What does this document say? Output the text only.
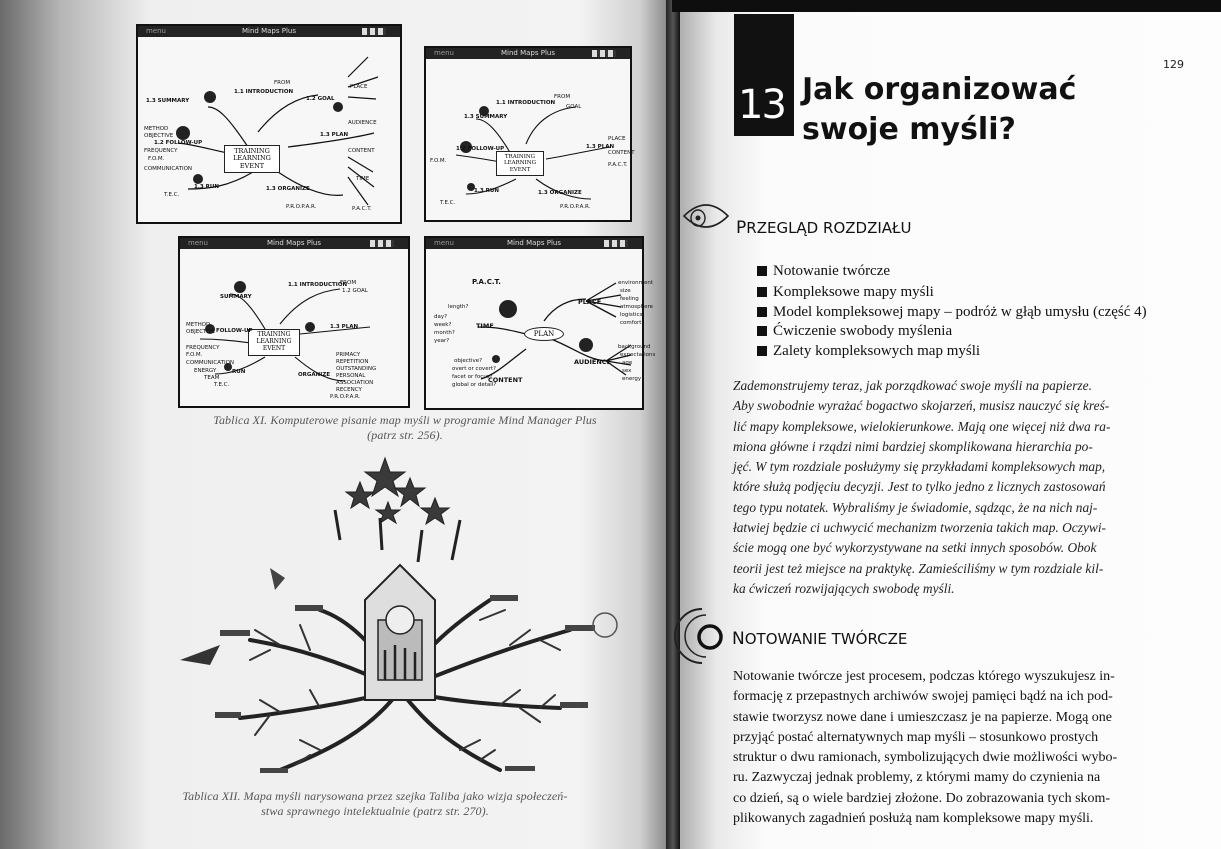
menu	Mind Maps Plus
TRAINING
LEARNING
EVENT
1.1 INTRODUCTION
1.2 GOAL
1.3 PLAN
1.3 SUMMARY
1.2 FOLLOW-UP
1.3 RUN	1.3 ORGANIZE
FROM
PLACE
AUDIENCE
CONTENT
TIME
METHOD
OBJECTIVE
FREQUENCY
COMMUNICATION
P.R.O.P.A.R.
T.E.C.
F.O.M.
P.A.C.T.
menu	Mind Maps Plus
TRAINING
LEARNING
EVENT
1.1 INTRODUCTION
FROM
GOAL
1.3 SUMMARY
1.2 FOLLOW-UP
1.3 RUN	1.3 ORGANIZE
1.3 PLAN
PLACE
CONTENT
P.A.C.T.
F.O.M.
T.E.C.
P.R.O.P.A.R.
menu	Mind Maps Plus
TRAINING
LEARNING
EVENT
1.1 INTRODUCTION
FROM
1.2 GOAL
SUMMARY
FOLLOW-UP
1.3 PLAN
RUN	ORGANIZE
PRIMACY
REPETITION
OUTSTANDING
PERSONAL
ASSOCIATION
RECENCY
P.R.O.P.A.R.
T.E.C.
F.O.M.
METHOD
OBJECTIVE
FREQUENCY
COMMUNICATION
ENERGY
TEAM
menu	Mind Maps Plus
PLAN
P.A.C.T.
length?
day?
week?
month?
year?
TIME
PLACE
environment
size
feeling
atmosphere
logistics
comfort
AUDIENCE
background
expectations
age
sex
energy
objective?
overt or covert?
facet or focus?
global or detail?
CONTENT
Tablica XI. Komputerowe pisanie map myśli w programie Mind Manager Plus
(patrz str. 256).
Tablica XII. Mapa myśli narysowana przez szejka Taliba jako wizja społeczeń-
stwa sprawnego intelektualnie (patrz str. 270).
129
13 Jak organizować
swoje myśli?
PRZEGLĄD ROZDZIAŁU
Notowanie twórcze
Kompleksowe mapy myśli
Model kompleksowej mapy – podróż w głąb umysłu (część 4)
Ćwiczenie swobody myślenia
Zalety kompleksowych map myśli

Zademonstrujemy teraz, jak porządkować swoje myśli na papierze.

Aby swobodnie wyrażać bogactwo skojarzeń, musisz nauczyć się kreś-

lić mapy kompleksowe, wielokierunkowe. Mają one więcej niż dwa ra-

miona główne i rządzi nimi bardziej skomplikowana hierarchia po-

jęć. W tym rozdziale posłużymy się przykładami kompleksowych map,

które służą podjęciu decyzji. Jest to tylko jedno z licznych zastosowań

tego typu notatek. Wybraliśmy je świadomie, sądząc, że na nich naj-

łatwiej będzie ci uchwycić mechanizm tworzenia takich map. Oczywi-

ście mogą one być wykorzystywane na setki innych sposobów. Obok

teorii jest też miejsce na praktykę. Zamieściliśmy w tym rozdziale kil-

ka ćwiczeń rozwijających swobodę myśli.

NOTOWANIE TWÓRCZE

Notowanie twórcze jest procesem, podczas którego wyszukujesz in-

formację z przepastnych archiwów swojej pamięci bądź na ich pod-

stawie tworzysz nowe dane i umieszczasz je na papierze. Mogą one

przyjąć postać alternatywnych map myśli – stosunkowo prostych

struktur o dwu ramionach, symbolizujących dwie możliwości wybo-

ru. Zazwyczaj jednak problemy, z którymi mamy do czynienia na

co dzień, są o wiele bardziej złożone. Do zobrazowania tych skom-

plikowanych zagadnień posłużą nam kompleksowe mapy myśli.
